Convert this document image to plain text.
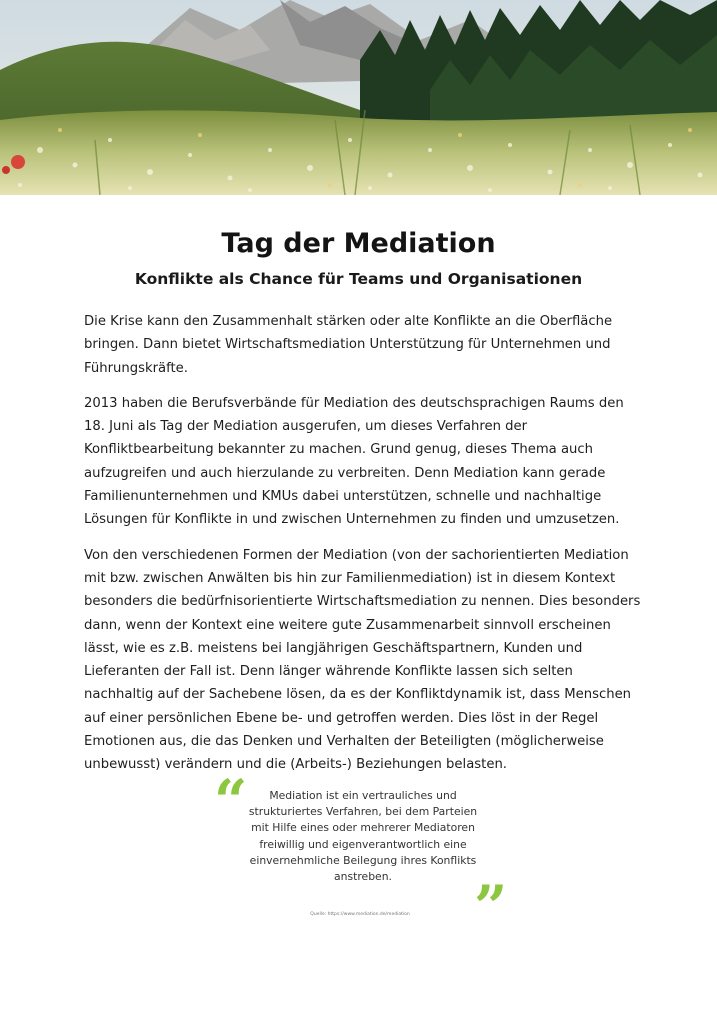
Tag der Mediation
Konflikte als Chance für Teams und Organisationen

Die Krise kann den Zusammenhalt stärken oder alte Konflikte an die Oberfläche bringen. Dann bietet Wirtschaftsmediation Unterstützung für Unternehmen und Führungskräfte.

2013 haben die Berufsverbände für Mediation des deutschsprachigen Raums den 18. Juni als Tag der Mediation ausgerufen, um dieses Verfahren der Konfliktbearbeitung bekannter zu machen. Grund genug, dieses Thema auch aufzugreifen und auch hierzulande zu verbreiten. Denn Mediation kann gerade Familienunternehmen und KMUs dabei unterstützen, schnelle und nachhaltige Lösungen für Konflikte in und zwischen Unternehmen zu finden und umzusetzen.

Von den verschiedenen Formen der Mediation (von der sachorientierten Mediation mit bzw. zwischen Anwälten bis hin zur Familienmediation) ist in diesem Kontext besonders die bedürfnisorientierte Wirtschaftsmediation zu nennen. Dies besonders dann, wenn der Kontext eine weitere gute Zusammenarbeit sinnvoll erscheinen lässt, wie es z.B. meistens bei langjährigen Geschäftspartnern, Kunden und Lieferanten der Fall ist. Denn länger währende Konflikte lassen sich selten nachhaltig auf der Sachebene lösen, da es der Konfliktdynamik ist, dass Menschen auf einer persönlichen Ebene be- und getroffen werden. Dies löst in der Regel Emotionen aus, die das Denken und Verhalten der Beteiligten (möglicherweise unbewusst) verändern und die (Arbeits-) Beziehungen belasten.

“	Mediation ist ein vertrauliches und strukturiertes Verfahren, bei dem Parteien mit Hilfe eines oder mehrerer Mediatoren freiwillig und eigenverantwortlich eine einvernehmliche Beilegung ihres Konflikts anstreben.	”

Quelle: https://www.mediation.de/mediation
